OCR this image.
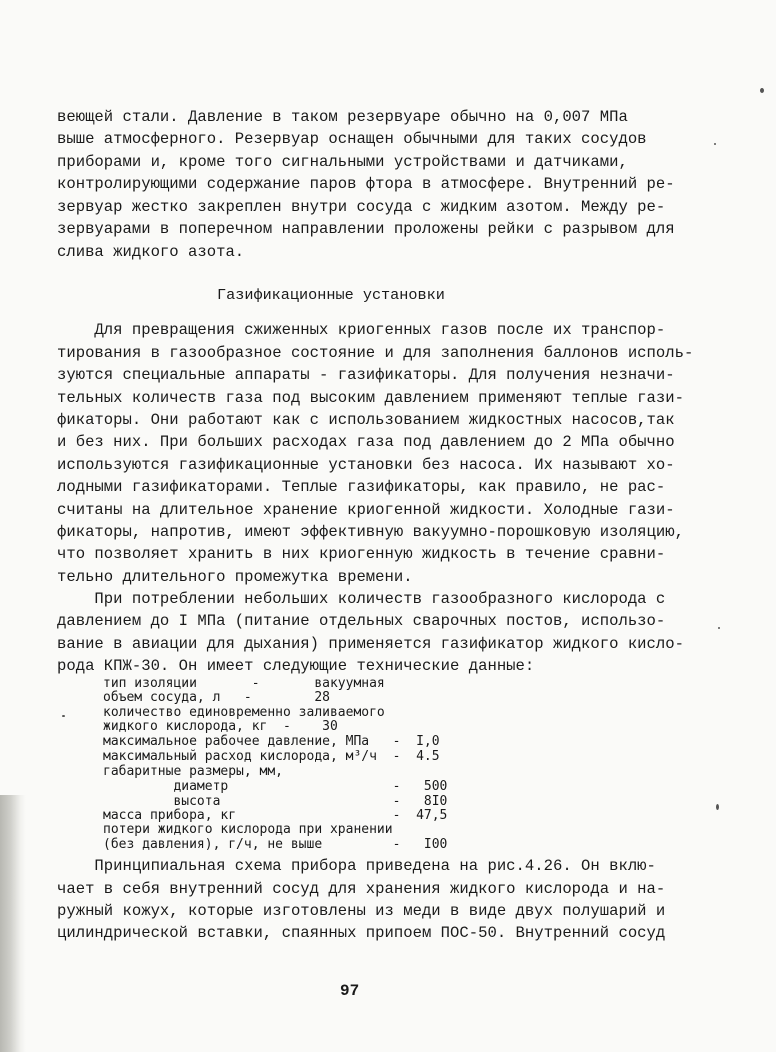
веющей стали. Давление в таком резервуаре обычно на 0,007 МПа
выше атмосферного. Резервуар оснащен обычными для таких сосудов
приборами и, кроме того сигнальными устройствами и датчиками,
контролирующими содержание паров фтора в атмосфере. Внутренний ре-
зервуар жестко закреплен внутри сосуда с жидким азотом. Между ре-
зервуарами в поперечном направлении проложены рейки с разрывом для
слива жидкого азота.
Газификационные установки
Для превращения сжиженных криогенных газов после их транспор-
тирования в газообразное состояние и для заполнения баллонов исполь-
зуются специальные аппараты - газификаторы. Для получения незначи-
тельных количеств газа под высоким давлением применяют теплые гази-
фикаторы. Они работают как с использованием жидкостных насосов,так
и без них. При больших расходах газа под давлением до 2 МПа обычно
используются газификационные установки без насоса. Их называют хо-
лодными газификаторами. Теплые газификаторы, как правило, не рас-
считаны на длительное хранение криогенной жидкости. Холодные гази-
фикаторы, напротив, имеют эффективную вакуумно-порошковую изоляцию,
что позволяет хранить в них криогенную жидкость в течение сравни-
тельно длительного промежутка времени.
При потреблении небольших количеств газообразного кислорода с
давлением до I МПа (питание отдельных сварочных постов, использо-
вание в авиации для дыхания) применяется газификатор жидкого кисло-
рода КПЖ-30. Он имеет следующие технические данные:
тип изоляции       -       вакуумная
объем сосуда, л   -        28
количество единовременно заливаемого
жидкого кислорода, кг  -    30
максимальное рабочее давление, МПа   -  I,0
максимальный расход кислорода, м³/ч  -  4.5
габаритные размеры, мм,
диаметр                     -   500
высота                      -   8I0
масса прибора, кг                    -  47,5
потери жидкого кислорода при хранении
(без давления), г/ч, не выше         -   I00
Принципиальная схема прибора приведена на рис.4.26. Он вклю-
чает в себя внутренний сосуд для хранения жидкого кислорода и на-
ружный кожух, которые изготовлены из меди в виде двух полушарий и
цилиндрической вставки, спаянных припоем ПОС-50. Внутренний сосуд
97
